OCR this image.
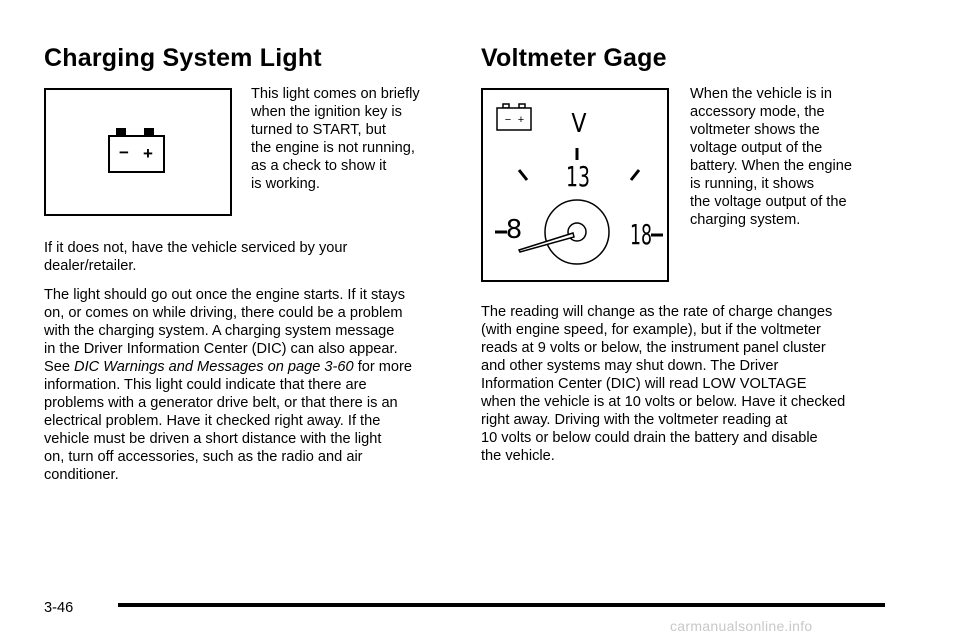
Charging System Light
− +
This light comes on briefly
when the ignition key is
turned to START, but
the engine is not running,
as a check to show it
is working.

If it does not, have the vehicle serviced by your
dealer/retailer.

The light should go out once the engine starts. If it stays
on, or comes on while driving, there could be a problem
with the charging system. A charging system message
in the Driver Information Center (DIC) can also appear.
See DIC Warnings and Messages on page 3-60 for more
information. This light could indicate that there are
problems with a generator drive belt, or that there is an
electrical problem. Have it checked right away. If the
vehicle must be driven a short distance with the light
on, turn off accessories, such as the radio and air
conditioner.

Voltmeter Gage
− + V
13
8	18
When the vehicle is in
accessory mode, the
voltmeter shows the
voltage output of the
battery. When the engine
is running, it shows
the voltage output of the
charging system.

The reading will change as the rate of charge changes
(with engine speed, for example), but if the voltmeter
reads at 9 volts or below, the instrument panel cluster
and other systems may shut down. The Driver
Information Center (DIC) will read LOW VOLTAGE
when the vehicle is at 10 volts or below. Have it checked
right away. Driving with the voltmeter reading at
10 volts or below could drain the battery and disable
the vehicle.

3-46
carmanualsonline.info
